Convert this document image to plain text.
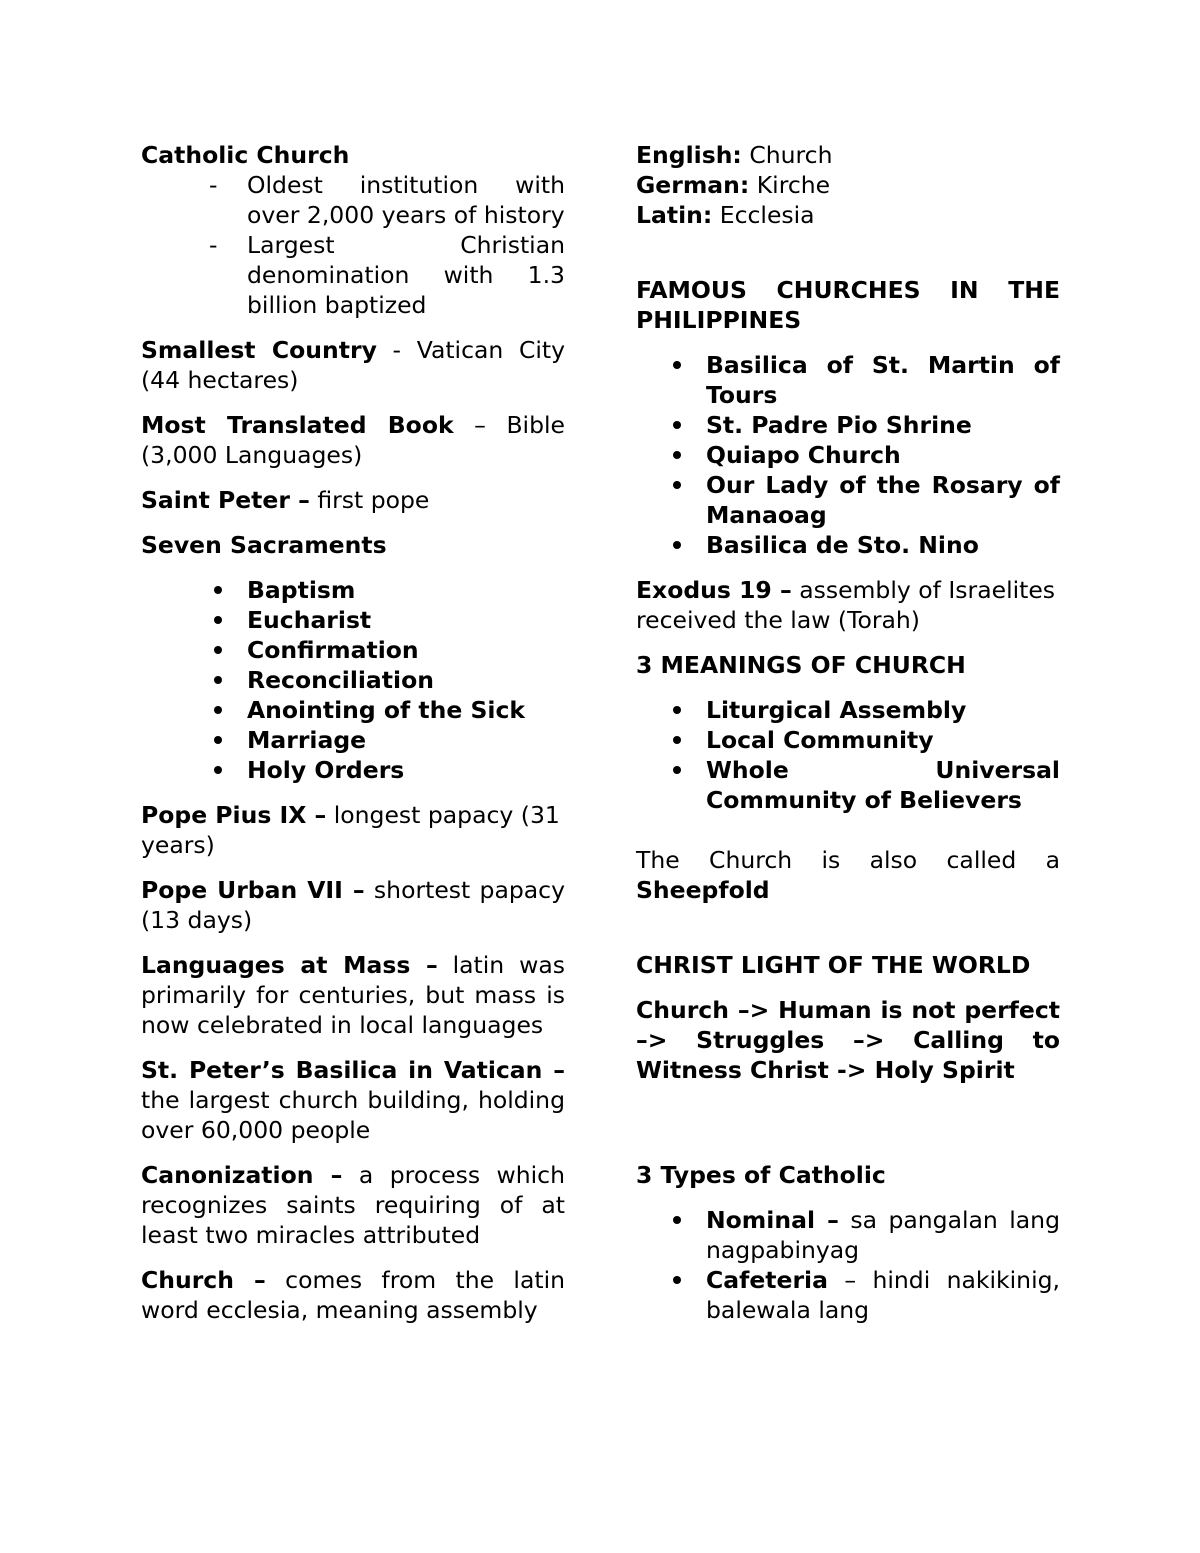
Catholic Church

- Oldest institution with over 2,000 years of history
- Largest Christian denomination with 1.3 billion baptized

Smallest Country - Vatican City (44 hectares)

Most Translated Book – Bible (3,000 Languages)

Saint Peter – first pope

Seven Sacraments

Baptism
Eucharist
Confirmation
Reconciliation
Anointing of the Sick
Marriage
Holy Orders

Pope Pius IX – longest papacy (31 years)

Pope Urban VII – shortest papacy (13 days)

Languages at Mass – latin was primarily for centuries, but mass is now celebrated in local languages

St. Peter’s Basilica in Vatican – the largest church building, holding over 60,000 people

Canonization – a process which recognizes saints requiring of at least two miracles attributed

Church – comes from the latin word ecclesia, meaning assembly

English: Church

German: Kirche

Latin: Ecclesia

FAMOUS CHURCHES IN THE PHILIPPINES

Basilica of St. Martin of Tours
St. Padre Pio Shrine
Quiapo Church
Our Lady of the Rosary of Manaoag
Basilica de Sto. Nino

Exodus 19 – assembly of Israelites received the law (Torah)

3 MEANINGS OF CHURCH

Liturgical Assembly
Local Community
Whole Universal Community of Believers

The Church is also called a Sheepfold

CHRIST LIGHT OF THE WORLD

Church –> Human is not perfect –> Struggles –> Calling to Witness Christ -> Holy Spirit

3 Types of Catholic

Nominal – sa pangalan lang nagpabinyag
Cafeteria – hindi nakikinig, balewala lang
